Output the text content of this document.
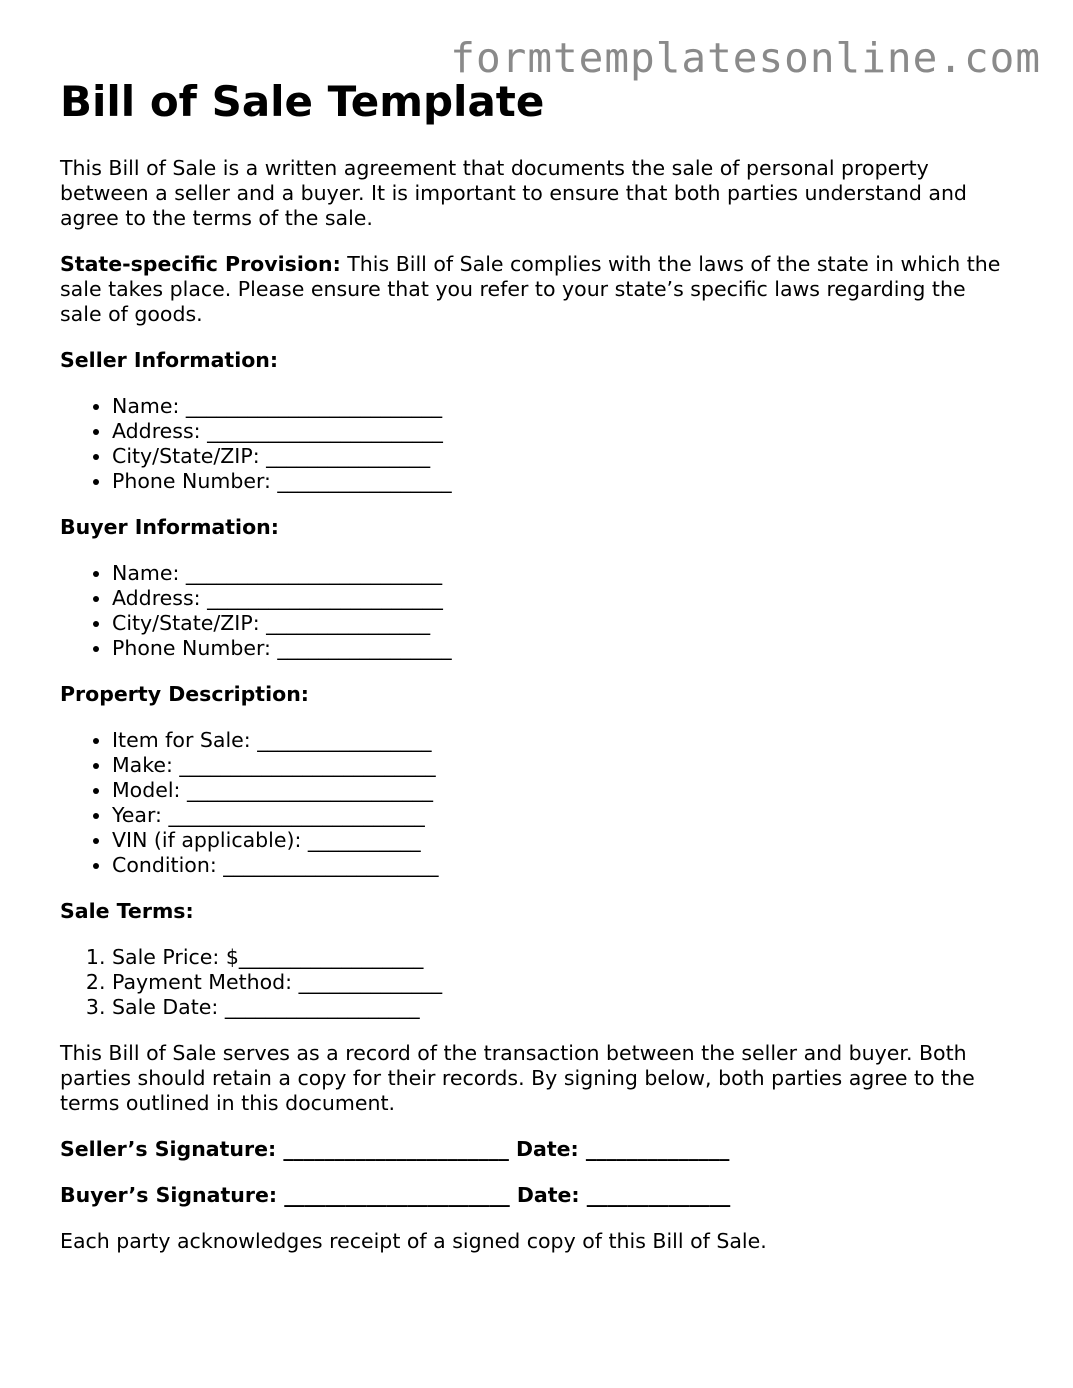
formtemplatesonline.com
Bill of Sale Template

This Bill of Sale is a written agreement that documents the sale of personal property between a seller and a buyer. It is important to ensure that both parties understand and agree to the terms of the sale.

State-specific Provision: This Bill of Sale complies with the laws of the state in which the sale takes place. Please ensure that you refer to your state’s specific laws regarding the sale of goods.

Seller Information:
• Name: _________________________
• Address: _______________________
• City/State/ZIP: ________________
• Phone Number: _________________
Buyer Information:
• Name: _________________________
• Address: _______________________
• City/State/ZIP: ________________
• Phone Number: _________________
Property Description:
• Item for Sale: _________________
• Make: _________________________
• Model: ________________________
• Year: _________________________
• VIN (if applicable): ___________
• Condition: _____________________
Sale Terms:
1. Sale Price: $__________________
2. Payment Method: ______________
3. Sale Date: ___________________

This Bill of Sale serves as a record of the transaction between the seller and buyer. Both parties should retain a copy for their records. By signing below, both parties agree to the terms outlined in this document.

Seller’s Signature: ______________________ Date: ______________
Buyer’s Signature: ______________________ Date: ______________

Each party acknowledges receipt of a signed copy of this Bill of Sale.
